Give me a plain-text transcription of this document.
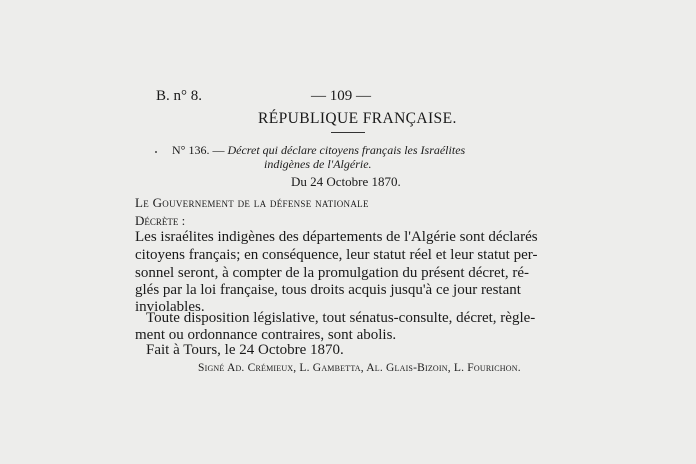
B. n° 8.	— 109 —
RÉPUBLIQUE FRANÇAISE.
N° 136. — Décret qui déclare citoyens français les Israélites
indigènes de l'Algérie.
Du 24 Octobre 1870.
Le Gouvernement de la défense nationale
Décrète :
Les israélites indigènes des départements de l'Algérie sont déclarés
citoyens français; en conséquence, leur statut réel et leur statut per-
sonnel seront, à compter de la promulgation du présent décret, ré-
glés par la loi française, tous droits acquis jusqu'à ce jour restant
inviolables.
Toute disposition législative, tout sénatus-consulte, décret, règle-
ment ou ordonnance contraires, sont abolis.
Fait à Tours, le 24 Octobre 1870.
Signé Ad. Crémieux, L. Gambetta, Al. Glais-Bizoin, L. Fourichon.
